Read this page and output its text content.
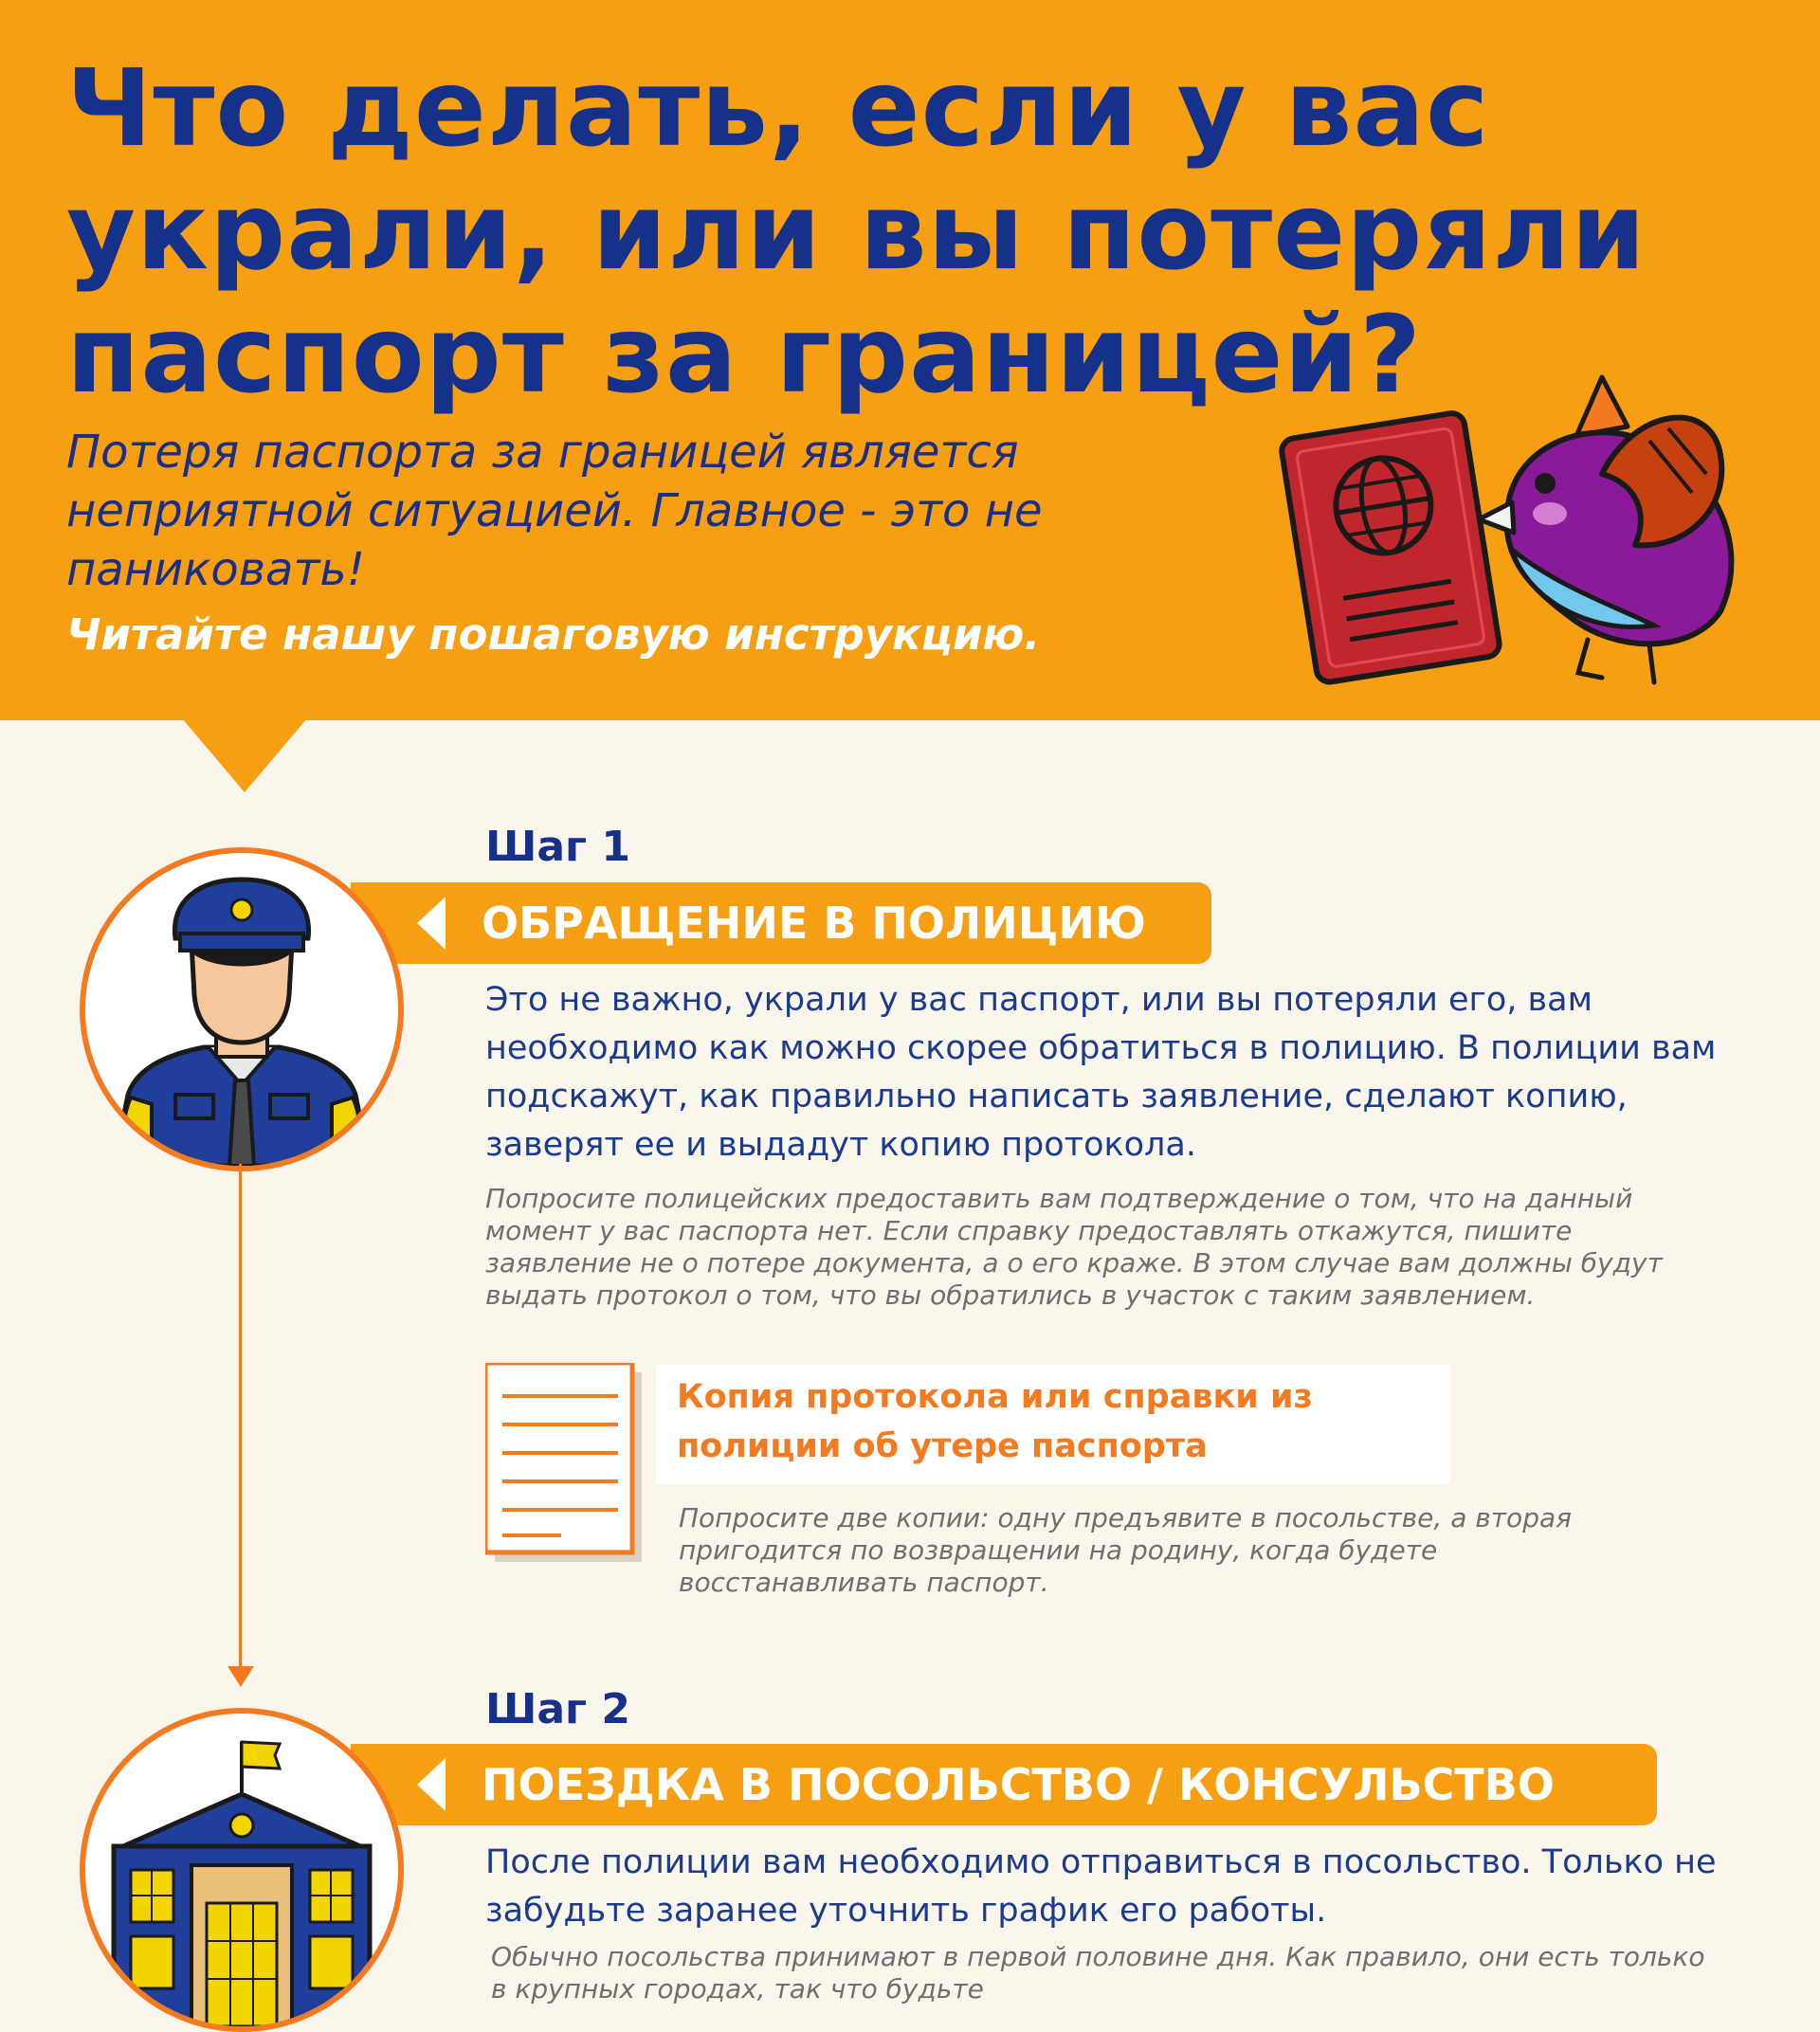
Что делать, если у вас украли, или вы потеряли паспорт за границей?

Потеря паспорта за границей является неприятной ситуацией. Главное - это не паниковать!

Читайте нашу пошаговую инструкцию.

Шаг 1
ОБРАЩЕНИЕ В ПОЛИЦИЮ

Это не важно, украли у вас паспорт, или вы потеряли его, вам необходимо как можно скорее обратиться в полицию. В полиции вам подскажут, как правильно написать заявление, сделают копию, заверят ее и выдадут копию протокола.

Попросите полицейских предоставить вам подтверждение о том, что на данный момент у вас паспорта нет. Если справку предоставлять откажутся, пишите заявление не о потере документа, а о его краже. В этом случае вам должны будут выдать протокол о том, что вы обратились в участок с таким заявлением.

Копия протокола или справки из полиции об утере паспорта

Попросите две копии: одну предъявите в посольстве, а вторая пригодится по возвращении на родину, когда будете восстанавливать паспорт.

Шаг 2
ПОЕЗДКА В ПОСОЛЬСТВО / КОНСУЛЬСТВО

После полиции вам необходимо отправиться в посольство. Только не забудьте заранее уточнить график его работы.

Обычно посольства принимают в первой половине дня. Как правило, они есть только в крупных городах, так что будьте
